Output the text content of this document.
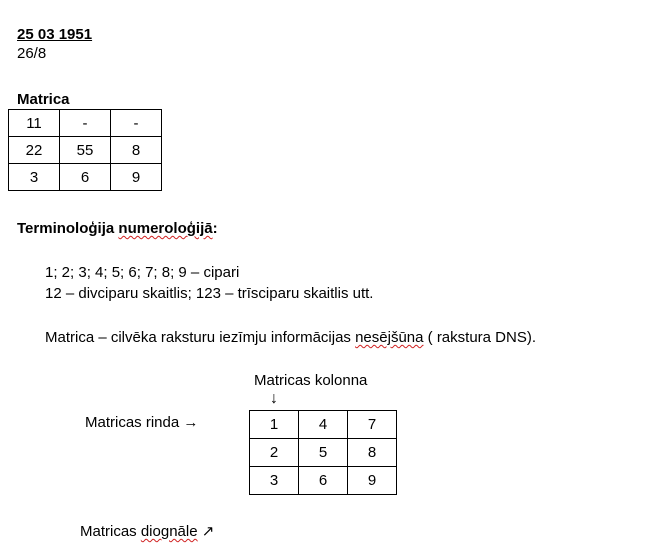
25 03 1951
26/8
Matrica
11	-	-
22	55	8
3	6	9
Terminoloģija numeroloģijā:
1; 2; 3; 4; 5; 6; 7; 8; 9 – cipari
12 – divciparu skaitlis; 123 – trīsciparu skaitlis utt.
Matrica – cilvēka raksturu iezīmju informācijas nesējšūna ( rakstura DNS).
Matricas kolonna
↓
Matricas rinda →	1	4	7
2	5	8
3	6	9
Matricas diognāle ↗
